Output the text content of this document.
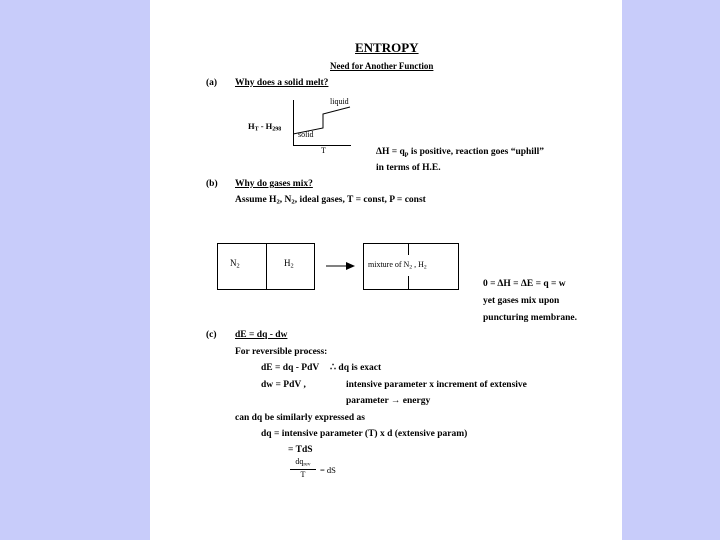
ENTROPY
Need for Another Function
(a) Why does a solid melt?
liquid
solid
$H_T - H_{298}$
T	$\Delta H = q_p$ is positive, reaction goes “uphill”
in terms of H.E.
(b) Why do gases mix?
Assume $H_2$, $N_2$, ideal gases, T = const, P = const
$N_2$	$H_2$	mixture of $N_2$ , $H_2$
0 = ΔH = ΔE = q = w
yet gases mix upon
puncturing membrane.
(c) dE = dq - dw
For reversible process:
dE = dq - PdV ∴ dq is exact
dw = PdV ,	intensive parameter x increment of extensive
parameter → energy
can dq be similarly expressed as
dq = intensive parameter (T) x d (extensive param)
= TdS
$dq_{rev}$
T	= dS
